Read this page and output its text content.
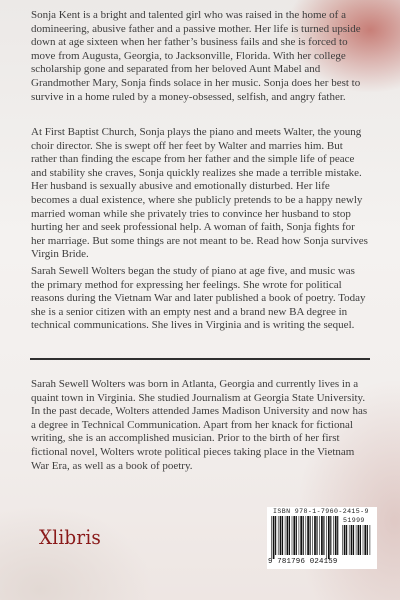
Sonja Kent is a bright and talented girl who was raised in the home of a domineering, abusive father and a passive mother. Her life is turned upside down at age sixteen when her father’s business fails and she is forced to move from Augusta, Georgia, to Jacksonville, Florida. With her college scholarship gone and separated from her beloved Aunt Mabel and Grandmother Mary, Sonja finds solace in her music. Sonja does her best to survive in a home ruled by a money-obsessed, selfish, and angry father.
At First Baptist Church, Sonja plays the piano and meets Walter, the young choir director. She is swept off her feet by Walter and marries him. But rather than finding the escape from her father and the simple life of peace and stability she craves, Sonja quickly realizes she made a terrible mistake. Her husband is sexually abusive and emotionally disturbed. Her life becomes a dual existence, where she publicly pretends to be a happy newly married woman while she privately tries to convince her husband to stop hurting her and seek professional help. A woman of faith, Sonja fights for her marriage. But some things are not meant to be. Read how Sonja survives Virgin Bride.
Sarah Sewell Wolters began the study of piano at age five, and music was the primary method for expressing her feelings. She wrote for political reasons during the Vietnam War and later published a book of poetry. Today she is a senior citizen with an empty nest and a brand new BA degree in technical communications. She lives in Virginia and is writing the sequel.
Sarah Sewell Wolters was born in Atlanta, Georgia and currently lives in a quaint town in Virginia. She studied Journalism at Georgia State University. In the past decade, Wolters attended James Madison University and now has a degree in Technical Communication. Apart from her knack for fictional writing, she is an accomplished musician. Prior to the birth of her first fictional novel, Wolters wrote political pieces taking place in the Vietnam War Era, as well as a book of poetry.
Xlibris
ISBN 978-1-7960-2415-9
51999
9 781796 024159
